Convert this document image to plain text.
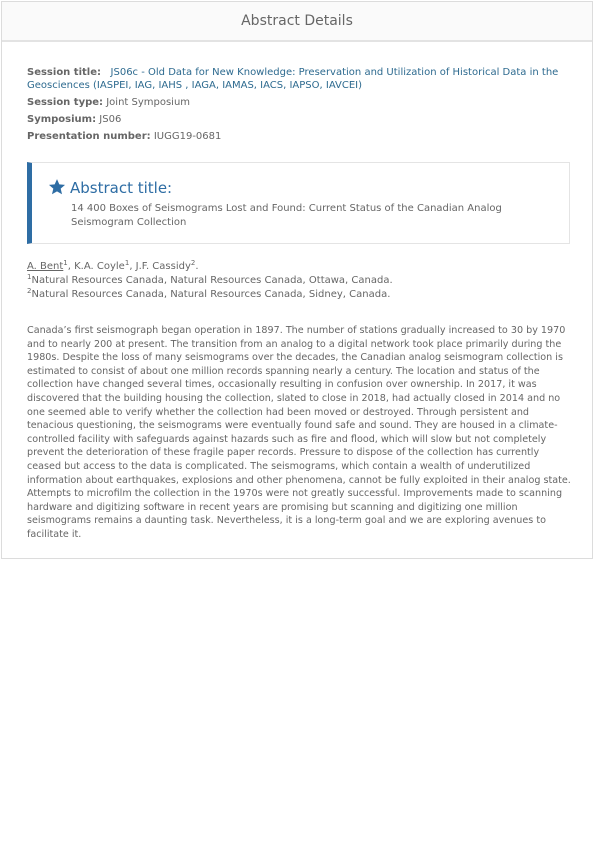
Abstract Details
Session title: JS06c - Old Data for New Knowledge: Preservation and Utilization of Historical Data in the Geosciences (IASPEI, IAG, IAHS , IAGA, IAMAS, IACS, IAPSO, IAVCEI)
Session type: Joint Symposium
Symposium: JS06
Presentation number: IUGG19-0681
Abstract title:
14 400 Boxes of Seismograms Lost and Found: Current Status of the Canadian Analog Seismogram Collection
A. Bent$^1$, K.A. Coyle$^1$, J.F. Cassidy$^2$.
$^1$Natural Resources Canada, Natural Resources Canada, Ottawa, Canada.
$^2$Natural Resources Canada, Natural Resources Canada, Sidney, Canada.
Canada’s first seismograph began operation in 1897. The number of stations gradually increased to 30 by 1970 and to nearly 200 at present. The transition from an analog to a digital network took place primarily during the 1980s. Despite the loss of many seismograms over the decades, the Canadian analog seismogram collection is estimated to consist of about one million records spanning nearly a century. The location and status of the collection have changed several times, occasionally resulting in confusion over ownership. In 2017, it was discovered that the building housing the collection, slated to close in 2018, had actually closed in 2014 and no one seemed able to verify whether the collection had been moved or destroyed. Through persistent and tenacious questioning, the seismograms were eventually found safe and sound. They are housed in a climate-controlled facility with safeguards against hazards such as fire and flood, which will slow but not completely prevent the deterioration of these fragile paper records. Pressure to dispose of the collection has currently ceased but access to the data is complicated. The seismograms, which contain a wealth of underutilized information about earthquakes, explosions and other phenomena, cannot be fully exploited in their analog state. Attempts to microfilm the collection in the 1970s were not greatly successful. Improvements made to scanning hardware and digitizing software in recent years are promising but scanning and digitizing one million seismograms remains a daunting task. Nevertheless, it is a long-term goal and we are exploring avenues to facilitate it.
